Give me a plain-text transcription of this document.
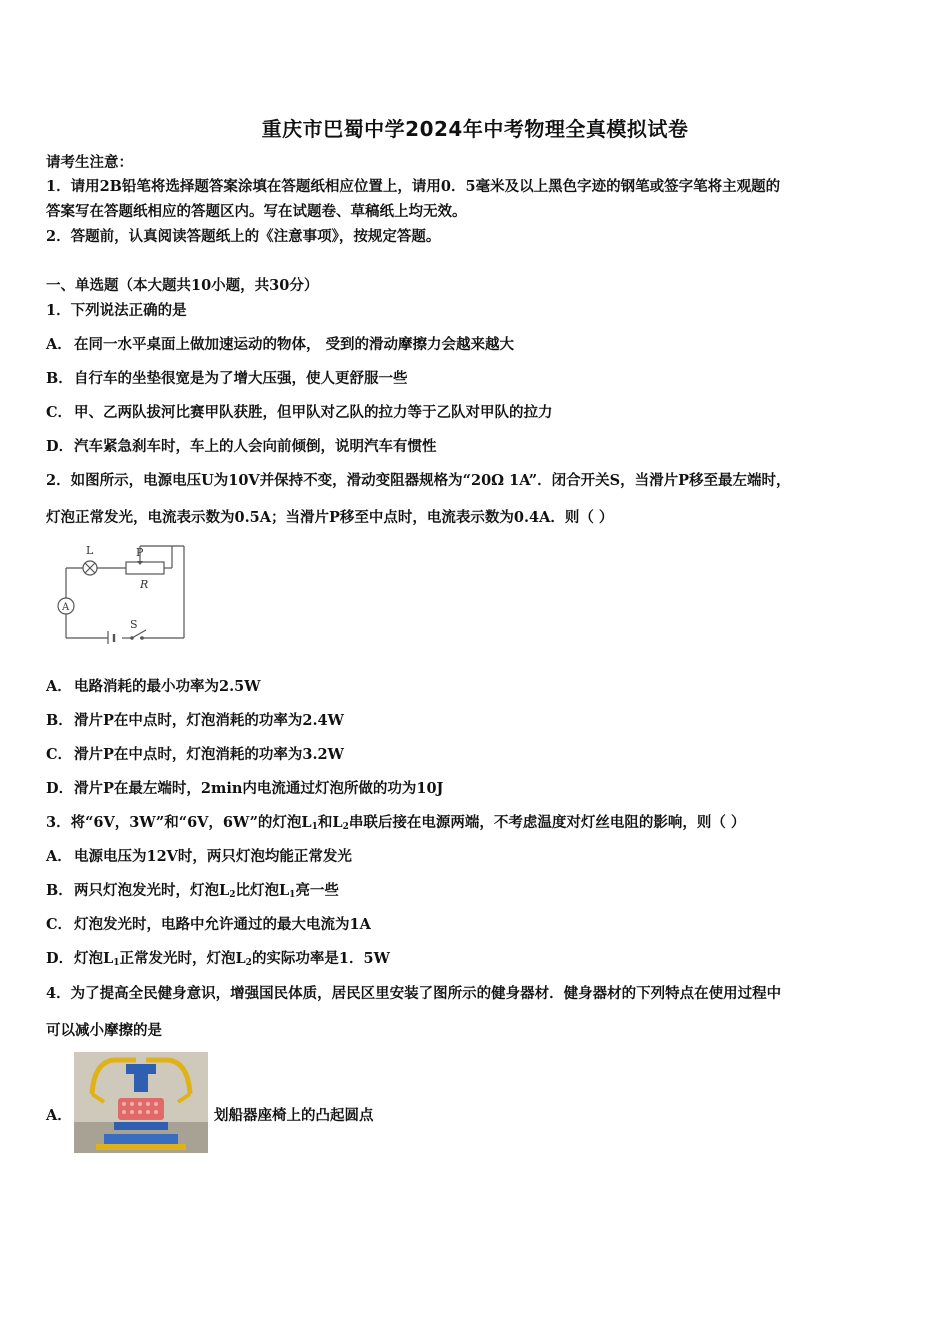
重庆市巴蜀中学2024年中考物理全真模拟试卷
请考生注意：
1．请用2B铅笔将选择题答案涂填在答题纸相应位置上，请用0．5毫米及以上黑色字迹的钢笔或签字笔将主观题的
答案写在答题纸相应的答题区内。写在试题卷、草稿纸上均无效。
2．答题前，认真阅读答题纸上的《注意事项》，按规定答题。
一、单选题（本大题共10小题，共30分）
1．下列说法正确的是
A． 在同一水平桌面上做加速运动的物体， 受到的滑动摩擦力会越来越大
B．自行车的坐垫很宽是为了增大压强，使人更舒服一些
C． 甲、乙两队拔河比赛甲队获胜，但甲队对乙队的拉力等于乙队对甲队的拉力
D．汽车紧急刹车时，车上的人会向前倾倒，说明汽车有惯性
2．如图所示，电源电压U为10V并保持不变，滑动变阻器规格为“20Ω 1A”．闭合开关S，当滑片P移至最左端时，
灯泡正常发光，电流表示数为0.5A；当滑片P移至中点时，电流表示数为0.4A．则（ ）
L	P
R
A
S
A． 电路消耗的最小功率为2.5W
B．滑片P在中点时，灯泡消耗的功率为2.4W
C． 滑片P在中点时，灯泡消耗的功率为3.2W
D．滑片P在最左端时，2min内电流通过灯泡所做的功为10J
3．将“6V，3W”和“6V，6W”的灯泡$L_1$和$L_2$串联后接在电源两端，不考虑温度对灯丝电阻的影响，则（ ）
A． 电源电压为12V时，两只灯泡均能正常发光
B．两只灯泡发光时，灯泡$L_2$比灯泡$L_1$亮一些
C． 灯泡发光时，电路中允许通过的最大电流为1A
D．灯泡$L_1$正常发光时，灯泡$L_2$的实际功率是1．5W
4．为了提高全民健身意识，增强国民体质，居民区里安装了图所示的健身器材．健身器材的下列特点在使用过程中
可以减小摩擦的是
A．	划船器座椅上的凸起圆点
